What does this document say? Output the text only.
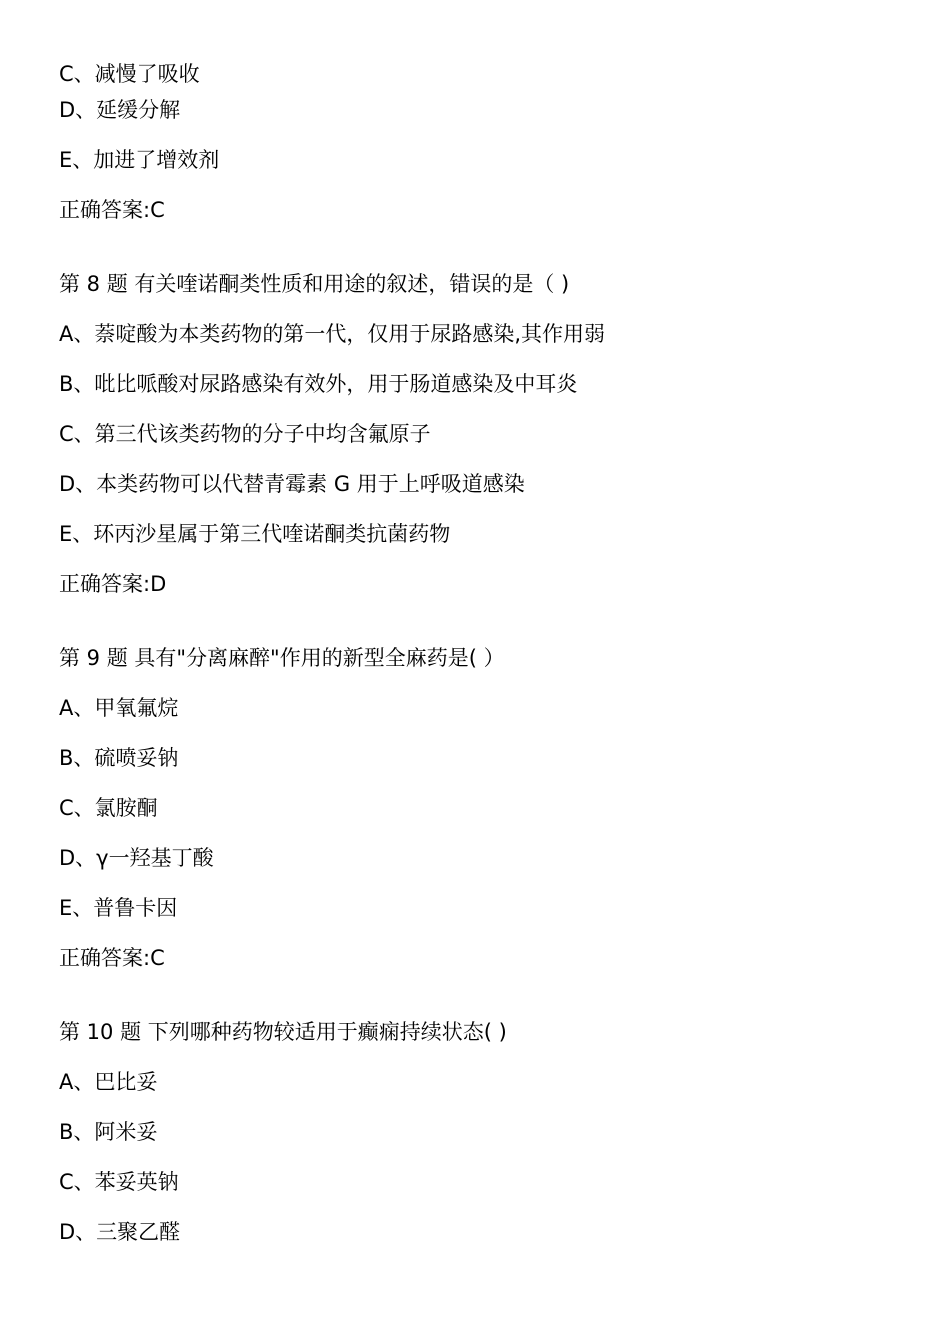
C、减慢了吸收
D、延缓分解
E、加进了增效剂
正确答案:C
第 8 题 有关喹诺酮类性质和用途的叙述，错误的是（ )
A、萘啶酸为本类药物的第一代，仅用于尿路感染,其作用弱
B、吡比哌酸对尿路感染有效外，用于肠道感染及中耳炎
C、第三代该类药物的分子中均含氟原子
D、本类药物可以代替青霉素 G 用于上呼吸道感染
E、环丙沙星属于第三代喹诺酮类抗菌药物
正确答案:D
第 9 题 具有"分离麻醉"作用的新型全麻药是( ）
A、甲氧氟烷
B、硫喷妥钠
C、氯胺酮
D、γ一羟基丁酸
E、普鲁卡因
正确答案:C
第 10 题 下列哪种药物较适用于癫痫持续状态( )
A、巴比妥
B、阿米妥
C、苯妥英钠
D、三聚乙醛
